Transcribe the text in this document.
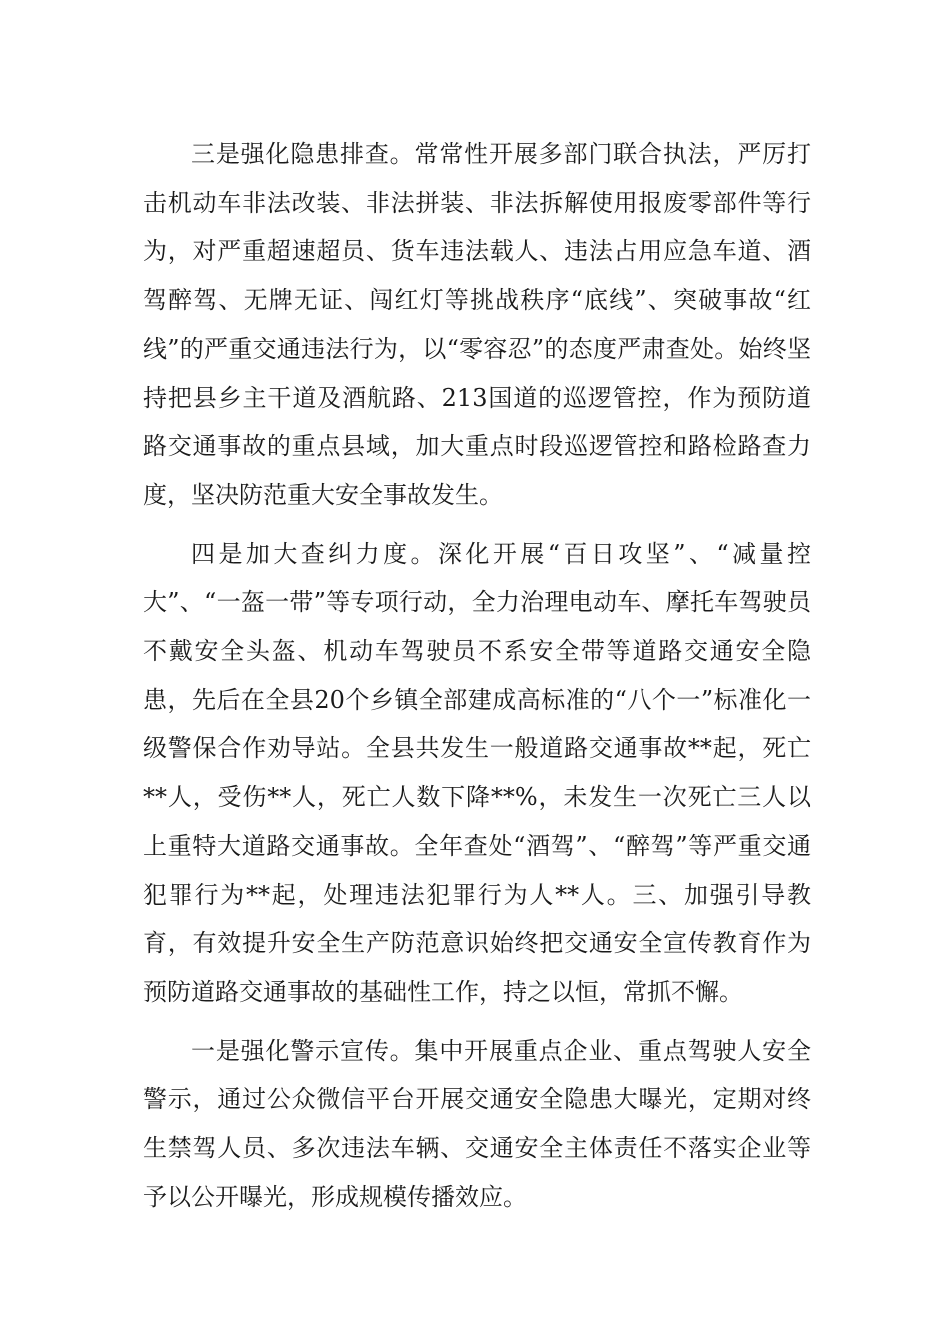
三是强化隐患排查。常常性开展多部门联合执法，严厉打击机动车非法改装、非法拼装、非法拆解使用报废零部件等行为，对严重超速超员、货车违法载人、违法占用应急车道、酒驾醉驾、无牌无证、闯红灯等挑战秩序“底线”、突破事故“红线”的严重交通违法行为，以“零容忍”的态度严肃查处。始终坚持把县乡主干道及酒航路、213国道的巡逻管控，作为预防道路交通事故的重点县域，加大重点时段巡逻管控和路检路查力度，坚决防范重大安全事故发生。

四是加大查纠力度。深化开展“百日攻坚”、“减量控大”、“一盔一带”等专项行动，全力治理电动车、摩托车驾驶员不戴安全头盔、机动车驾驶员不系安全带等道路交通安全隐患，先后在全县20个乡镇全部建成高标准的“八个一”标准化一级警保合作劝导站。全县共发生一般道路交通事故**起，死亡**人，受伤**人，死亡人数下降**%，未发生一次死亡三人以上重特大道路交通事故。全年查处“酒驾”、“醉驾”等严重交通犯罪行为**起，处理违法犯罪行为人**人。三、加强引导教育，有效提升安全生产防范意识始终把交通安全宣传教育作为预防道路交通事故的基础性工作，持之以恒，常抓不懈。

一是强化警示宣传。集中开展重点企业、重点驾驶人安全警示，通过公众微信平台开展交通安全隐患大曝光，定期对终生禁驾人员、多次违法车辆、交通安全主体责任不落实企业等予以公开曝光，形成规模传播效应。
